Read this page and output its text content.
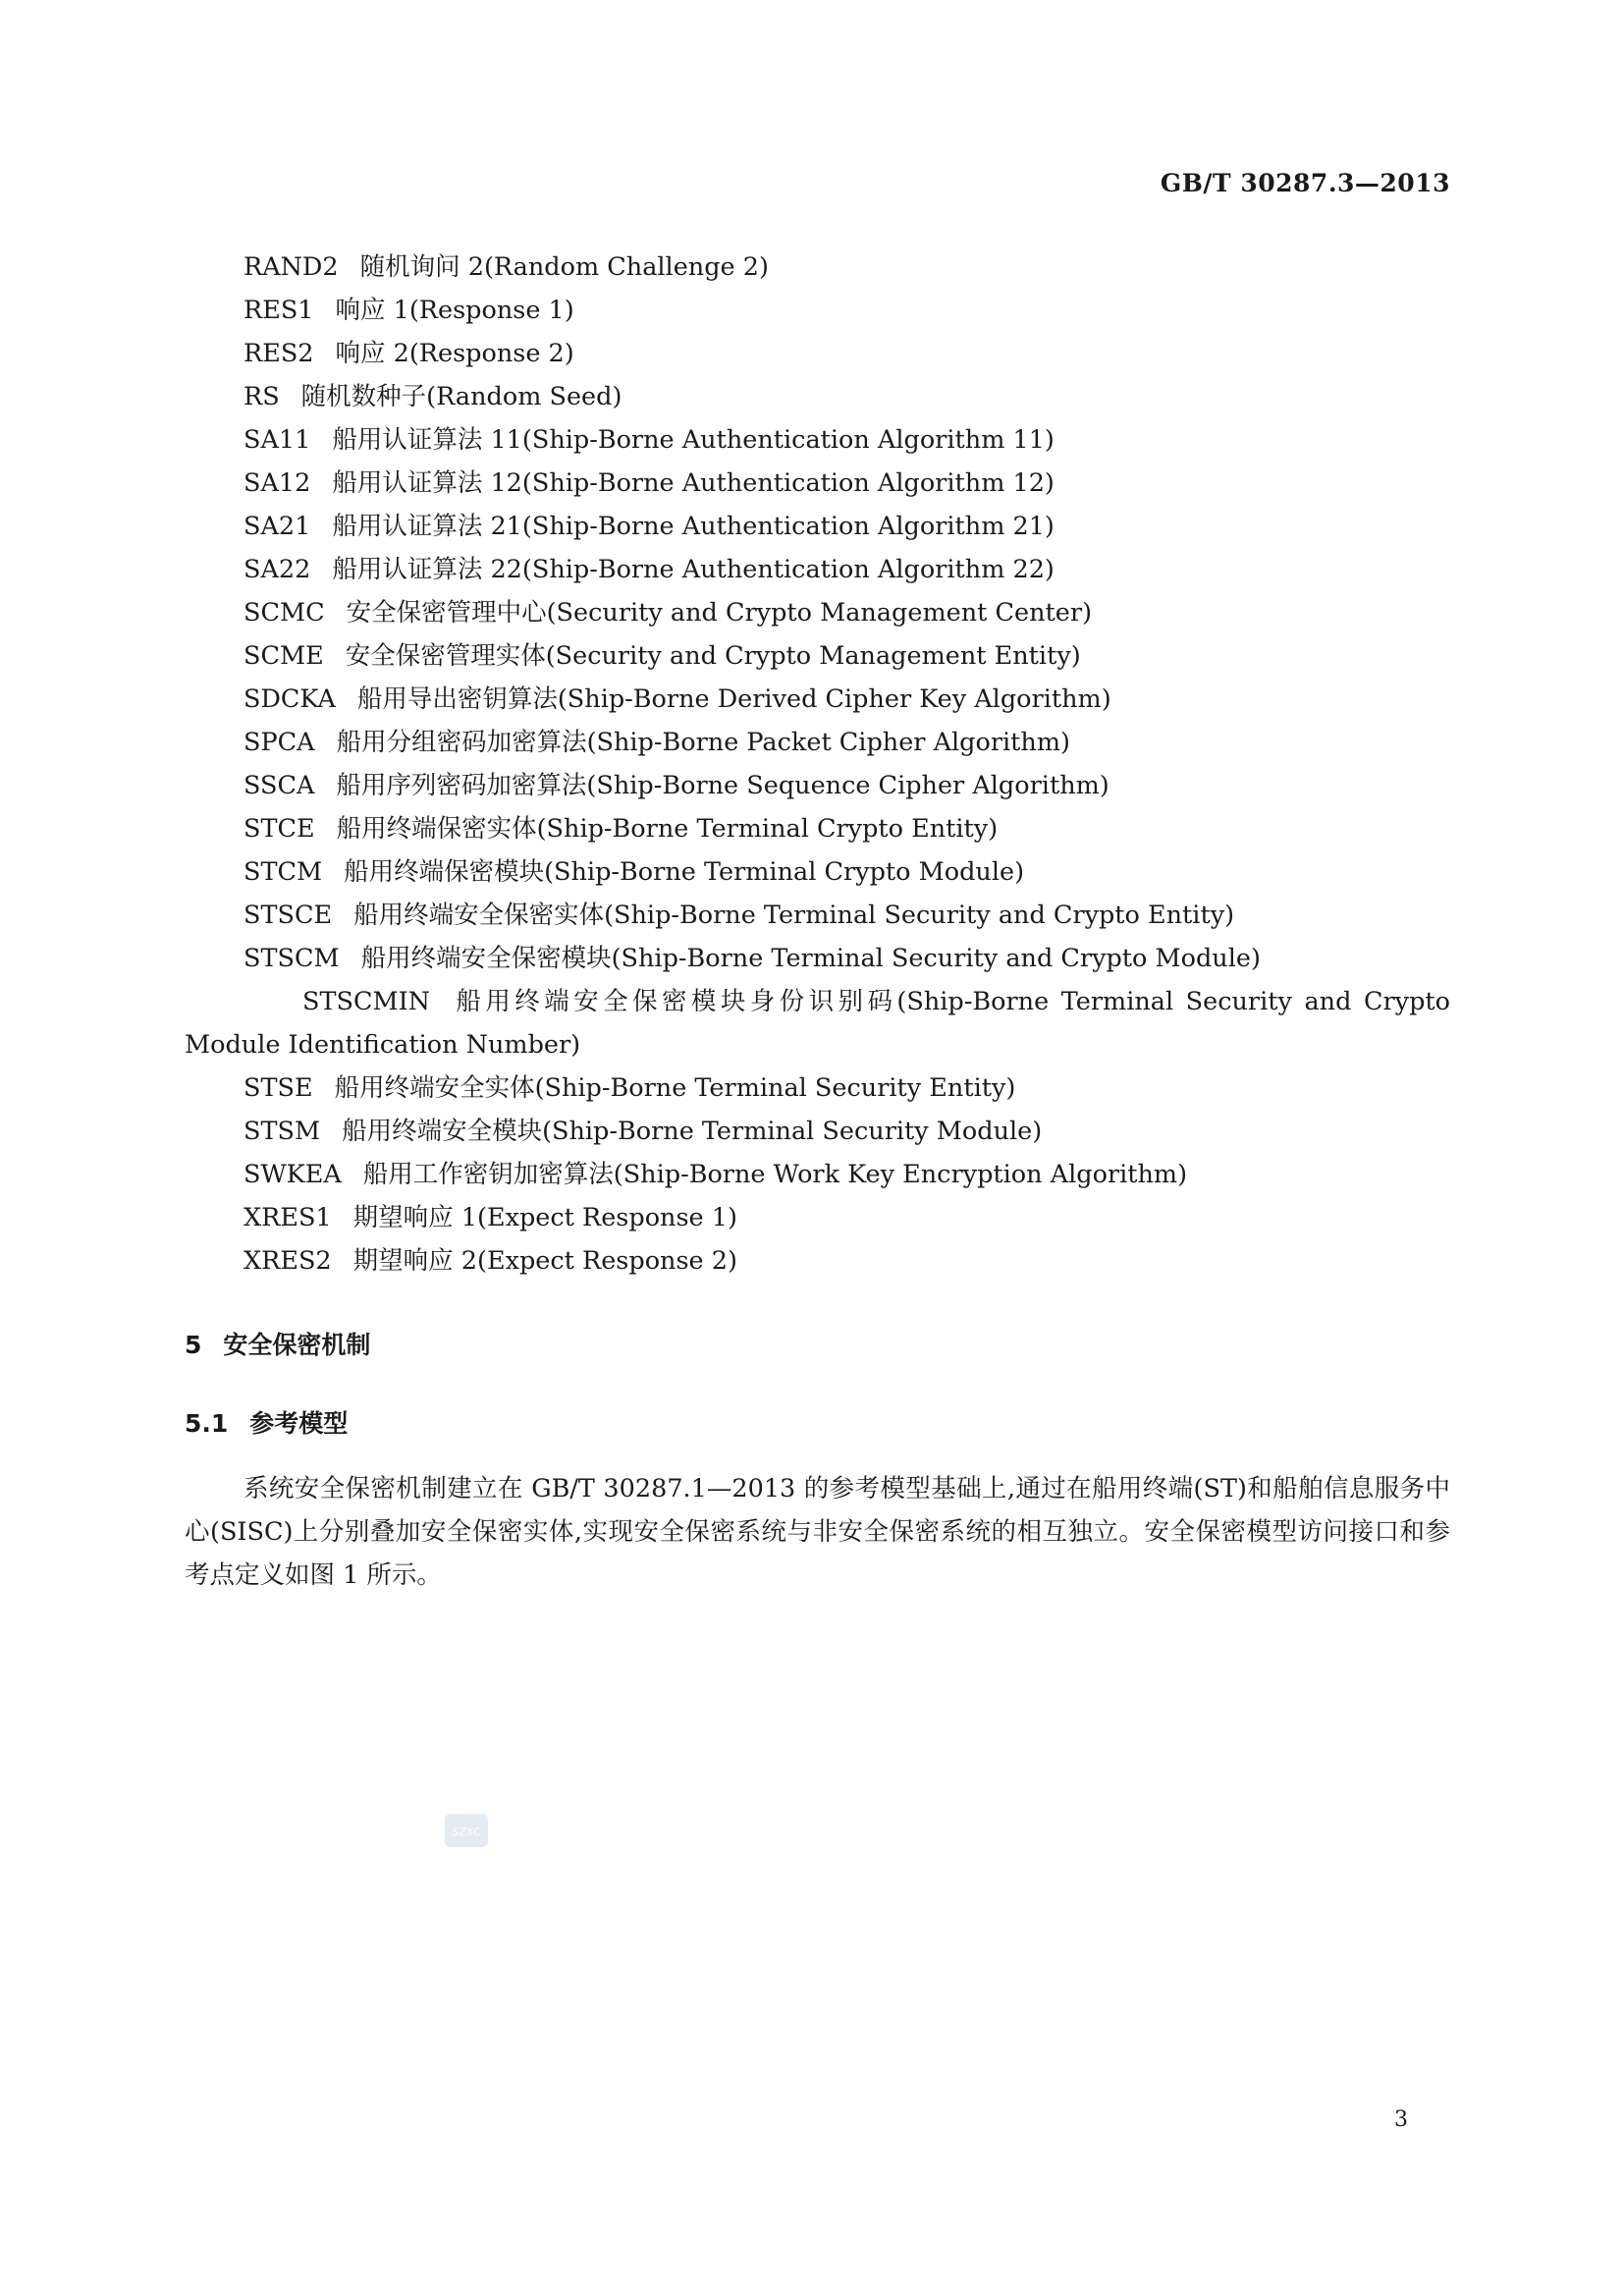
GB/T 30287.3—2013
RAND2 随机询问 2(Random Challenge 2)
RES1 响应 1(Response 1)
RES2 响应 2(Response 2)
RS 随机数种子(Random Seed)
SA11 船用认证算法 11(Ship-Borne Authentication Algorithm 11)
SA12 船用认证算法 12(Ship-Borne Authentication Algorithm 12)
SA21 船用认证算法 21(Ship-Borne Authentication Algorithm 21)
SA22 船用认证算法 22(Ship-Borne Authentication Algorithm 22)
SCMC 安全保密管理中心(Security and Crypto Management Center)
SCME 安全保密管理实体(Security and Crypto Management Entity)
SDCKA 船用导出密钥算法(Ship-Borne Derived Cipher Key Algorithm)
SPCA 船用分组密码加密算法(Ship-Borne Packet Cipher Algorithm)
SSCA 船用序列密码加密算法(Ship-Borne Sequence Cipher Algorithm)
STCE 船用终端保密实体(Ship-Borne Terminal Crypto Entity)
STCM 船用终端保密模块(Ship-Borne Terminal Crypto Module)
STSCE 船用终端安全保密实体(Ship-Borne Terminal Security and Crypto Entity)
STSCM 船用终端安全保密模块(Ship-Borne Terminal Security and Crypto Module)
STSCMIN 船用终端安全保密模块身份识别码(Ship-Borne Terminal Security and Crypto Module Identification Number)
STSE 船用终端安全实体(Ship-Borne Terminal Security Entity)
STSM 船用终端安全模块(Ship-Borne Terminal Security Module)
SWKEA 船用工作密钥加密算法(Ship-Borne Work Key Encryption Algorithm)
XRES1 期望响应 1(Expect Response 1)
XRES2 期望响应 2(Expect Response 2)
5 安全保密机制
5.1 参考模型
系统安全保密机制建立在 GB/T 30287.1—2013 的参考模型基础上,通过在船用终端(ST)和船舶信息服务中心(SISC)上分别叠加安全保密实体,实现安全保密系统与非安全保密系统的相互独立。安全保密模型访问接口和参考点定义如图 1 所示。
SZXC
3
